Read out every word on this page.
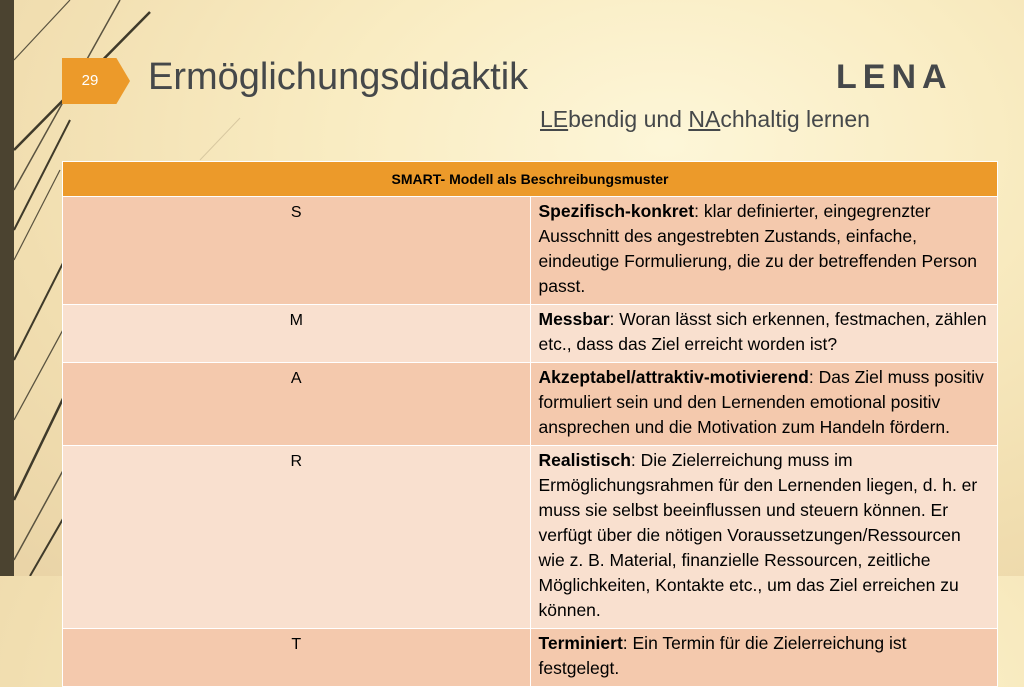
29	Ermöglichungsdidaktik	LENA
LEbendig und NAchhaltig lernen
SMART- Modell als Beschreibungsmuster	
S	Spezifisch-konkret: klar definierter, eingegrenzter Ausschnitt des angestrebten Zustands, einfache, eindeutige Formulierung, die zu der betreffenden Person passt.
M	Messbar: Woran lässt sich erkennen, festmachen, zählen etc., dass das Ziel erreicht worden ist?
A	Akzeptabel/attraktiv-motivierend: Das Ziel muss positiv formuliert sein und den Lernenden emotional positiv ansprechen und die Motivation zum Handeln fördern.
R	Realistisch: Die Zielerreichung muss im Ermöglichungsrahmen für den Lernenden liegen, d. h. er muss sie selbst beeinflussen und steuern können. Er verfügt über die nötigen Voraussetzungen/Ressourcen wie z. B. Material, finanzielle Ressourcen, zeitliche Möglichkeiten, Kontakte etc., um das Ziel erreichen zu können.
T	Terminiert: Ein Termin für die Zielerreichung ist festgelegt.
